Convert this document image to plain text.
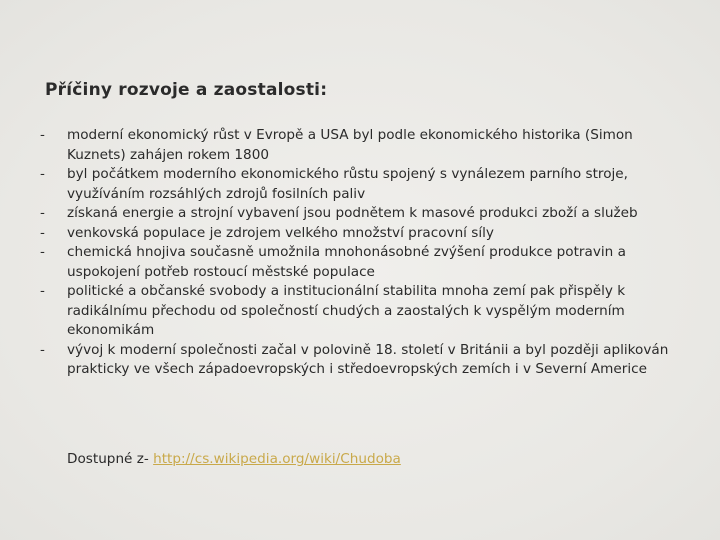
Příčiny rozvoje a zaostalosti:
-	moderní ekonomický růst v Evropě a USA byl podle ekonomického historika (Simon Kuznets) zahájen rokem 1800
-	byl počátkem moderního ekonomického růstu spojený s vynálezem parního stroje, využíváním rozsáhlých zdrojů fosilních paliv
-	získaná energie a strojní vybavení jsou podnětem k masové produkci zboží a služeb
-	venkovská populace je zdrojem velkého množství pracovní síly
-	chemická hnojiva současně umožnila mnohonásobné zvýšení produkce potravin a uspokojení potřeb rostoucí městské populace
-	politické a občanské svobody a institucionální stabilita mnoha zemí pak přispěly k radikálnímu přechodu od společností chudých a zaostalých k vyspělým moderním ekonomikám
-	vývoj k moderní společnosti začal v polovině 18. století v Británii a byl později aplikován prakticky ve všech západoevropských i středoevropských zemích i v Severní Americe
Dostupné z- http://cs.wikipedia.org/wiki/Chudoba
